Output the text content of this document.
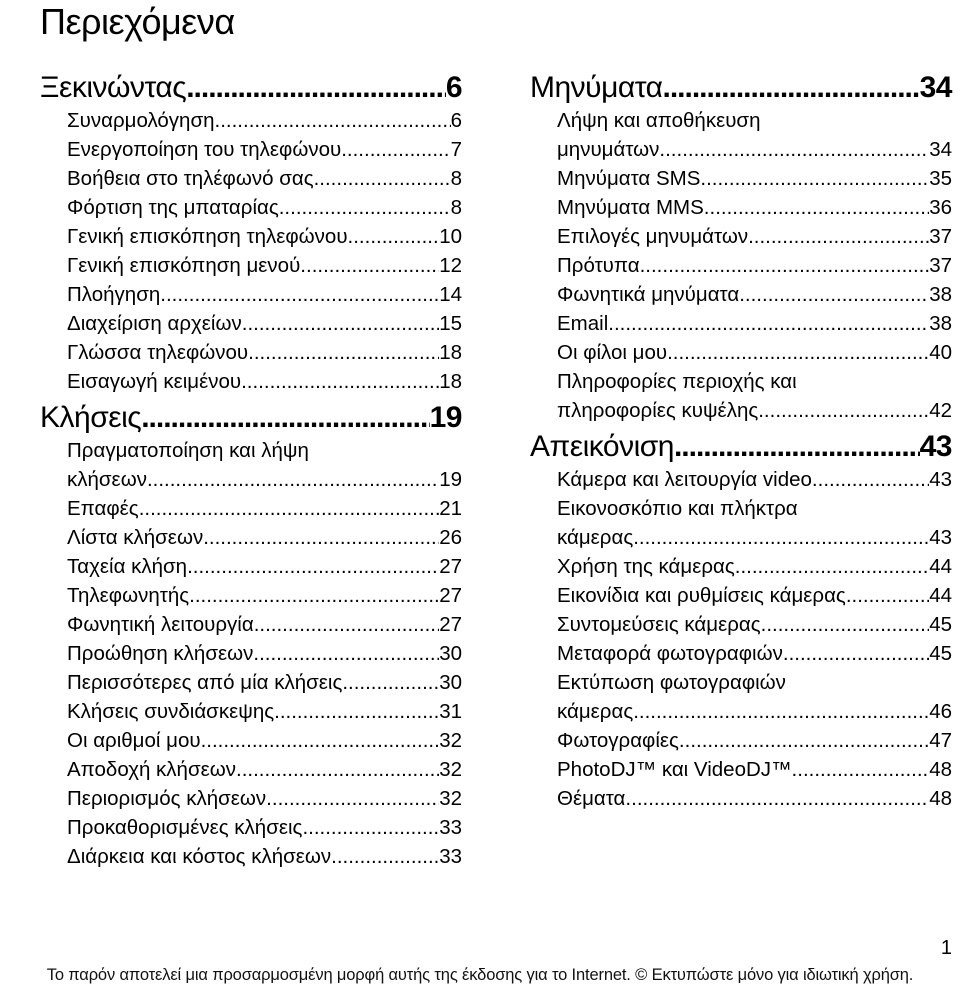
Περιεχόμενα
Ξεκινώντας .....	6
Συναρμολόγηση .....	6
Ενεργοποίηση του τηλεφώνου .....	7
Βοήθεια στο τηλέφωνό σας .....	8
Φόρτιση της μπαταρίας .....	8
Γενική επισκόπηση τηλεφώνου .....	10
Γενική επισκόπηση μενού .....	12
Πλοήγηση .....	14
Διαχείριση αρχείων .....	15
Γλώσσα τηλεφώνου .....	18
Εισαγωγή κειμένου .....	18
Κλήσεις .....	19
Πραγματοποίηση και λήψη
κλήσεων .....	19
Επαφές .....	21
Λίστα κλήσεων .....	26
Ταχεία κλήση .....	27
Τηλεφωνητής .....	27
Φωνητική λειτουργία .....	27
Προώθηση κλήσεων .....	30
Περισσότερες από μία κλήσεις .....	30
Κλήσεις συνδιάσκεψης .....	31
Οι αριθμοί μου .....	32
Αποδοχή κλήσεων .....	32
Περιορισμός κλήσεων .....	32
Προκαθορισμένες κλήσεις .....	33
Διάρκεια και κόστος κλήσεων .....	33
Μηνύματα .....	34
Λήψη και αποθήκευση
μηνυμάτων .....	34
Μηνύματα SMS .....	35
Μηνύματα MMS .....	36
Επιλογές μηνυμάτων .....	37
Πρότυπα .....	37
Φωνητικά μηνύματα .....	38
Email .....	38
Οι φίλοι μου .....	40
Πληροφορίες περιοχής και
πληροφορίες κυψέλης .....	42
Απεικόνιση .....	43
Κάμερα και λειτουργία video .....	43
Εικονοσκόπιο και πλήκτρα
κάμερας .....	43
Χρήση της κάμερας .....	44
Εικονίδια και ρυθμίσεις κάμερας .....	44
Συντομεύσεις κάμερας .....	45
Μεταφορά φωτογραφιών .....	45
Εκτύπωση φωτογραφιών
κάμερας .....	46
Φωτογραφίες .....	47
PhotoDJ™ και VideoDJ™ .....	48
Θέματα .....	48
1
Το παρόν αποτελεί μια προσαρμοσμένη μορφή αυτής της έκδοσης για το Internet. © Εκτυπώστε μόνο για ιδιωτική χρήση.
